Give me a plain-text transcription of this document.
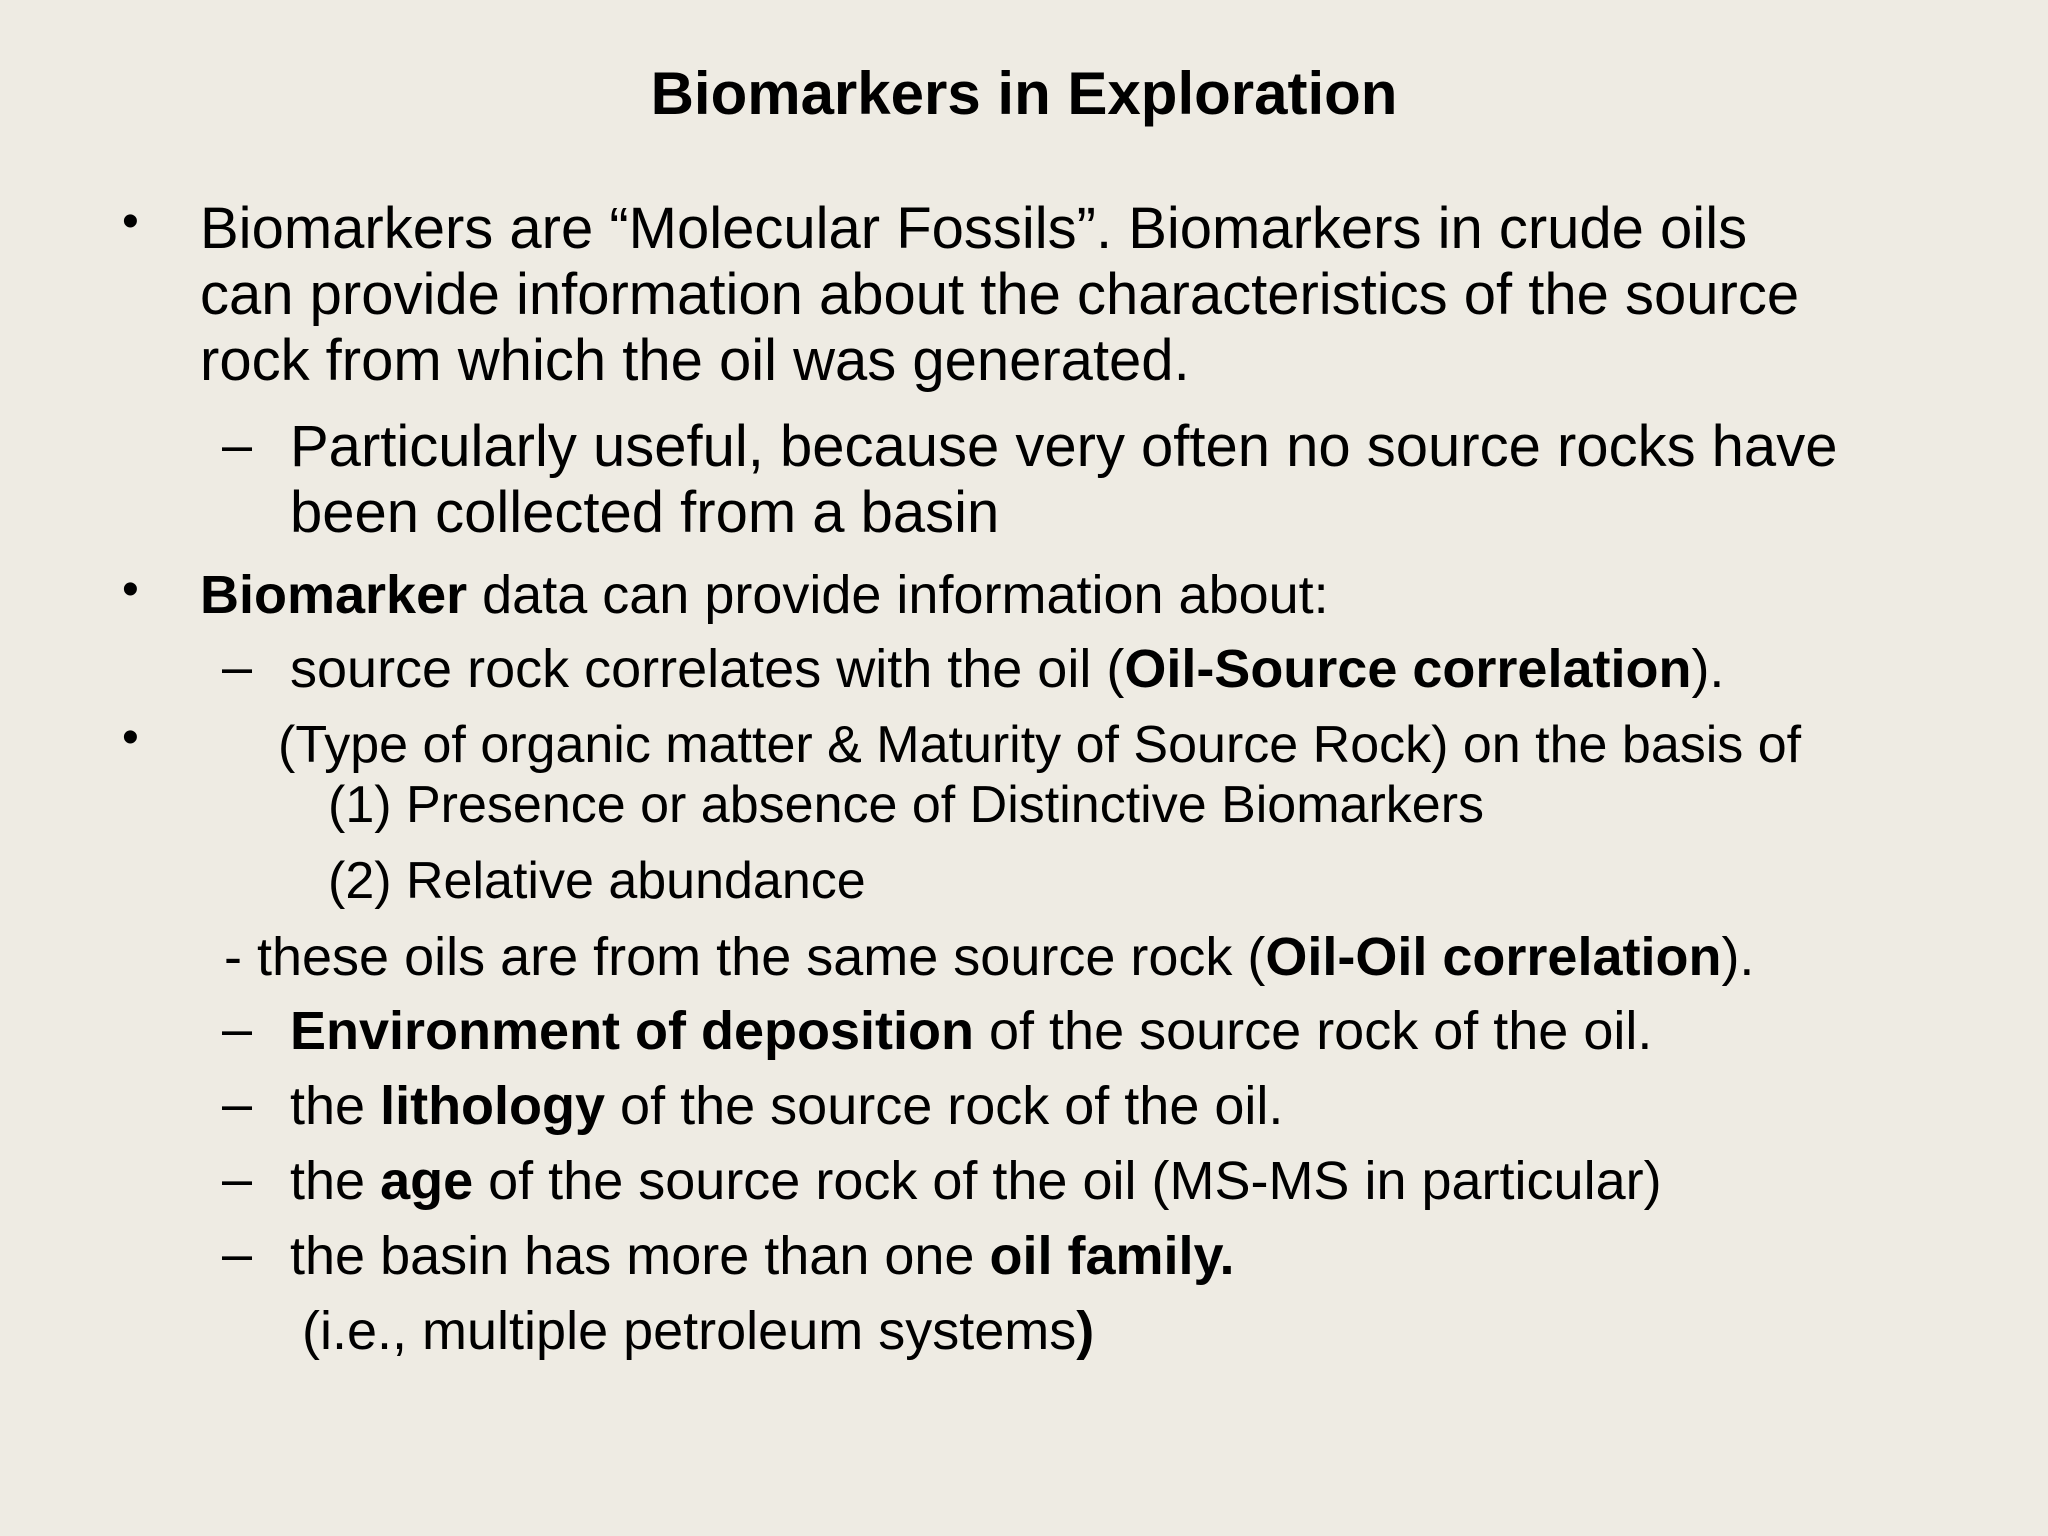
Biomarkers in Exploration
• Biomarkers are “Molecular Fossils”. Biomarkers in crude oils
can provide information about the characteristics of the source
rock from which the oil was generated.
– Particularly useful, because very often no source rocks have
been collected from a basin
• Biomarker data can provide information about:
– source rock correlates with the oil (Oil-Source correlation).
•	(Type of organic matter & Maturity of Source Rock) on the basis of
(1) Presence or absence of Distinctive Biomarkers
(2) Relative abundance
- these oils are from the same source rock (Oil-Oil correlation).
– Environment of deposition of the source rock of the oil.
– the lithology of the source rock of the oil.
– the age of the source rock of the oil (MS-MS in particular)
– the basin has more than one oil family.
(i.e., multiple petroleum systems)
